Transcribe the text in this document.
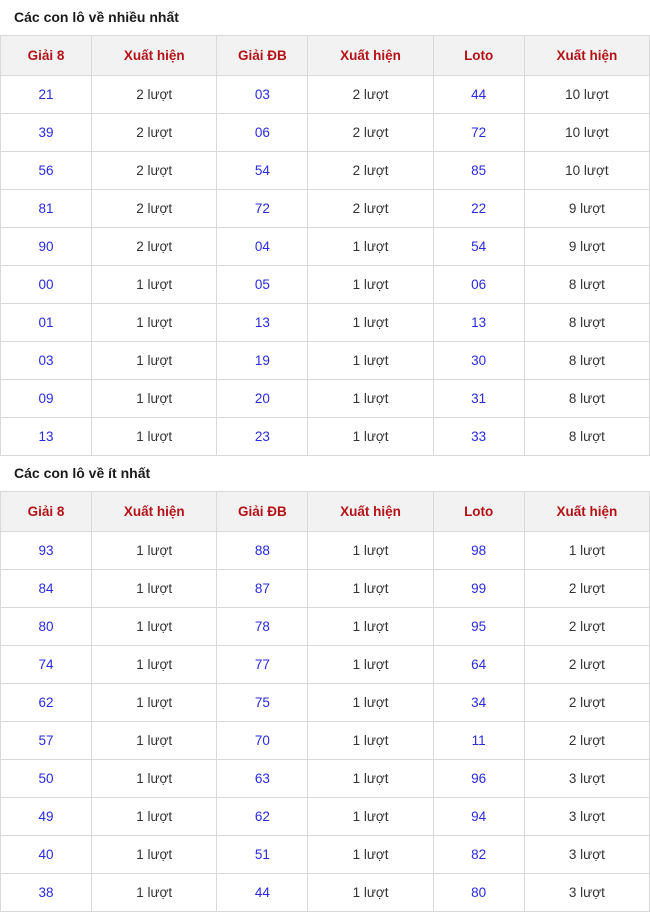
Các con lô về nhiều nhất
Giải 8	Xuất hiện	Giải ĐB	Xuất hiện	Loto	Xuất hiện
21	2 lượt	03	2 lượt	44	10 lượt
39	2 lượt	06	2 lượt	72	10 lượt
56	2 lượt	54	2 lượt	85	10 lượt
81	2 lượt	72	2 lượt	22	9 lượt
90	2 lượt	04	1 lượt	54	9 lượt
00	1 lượt	05	1 lượt	06	8 lượt
01	1 lượt	13	1 lượt	13	8 lượt
03	1 lượt	19	1 lượt	30	8 lượt
09	1 lượt	20	1 lượt	31	8 lượt
13	1 lượt	23	1 lượt	33	8 lượt
Các con lô về ít nhất
Giải 8	Xuất hiện	Giải ĐB	Xuất hiện	Loto	Xuất hiện
93	1 lượt	88	1 lượt	98	1 lượt
84	1 lượt	87	1 lượt	99	2 lượt
80	1 lượt	78	1 lượt	95	2 lượt
74	1 lượt	77	1 lượt	64	2 lượt
62	1 lượt	75	1 lượt	34	2 lượt
57	1 lượt	70	1 lượt	11	2 lượt
50	1 lượt	63	1 lượt	96	3 lượt
49	1 lượt	62	1 lượt	94	3 lượt
40	1 lượt	51	1 lượt	82	3 lượt
38	1 lượt	44	1 lượt	80	3 lượt
